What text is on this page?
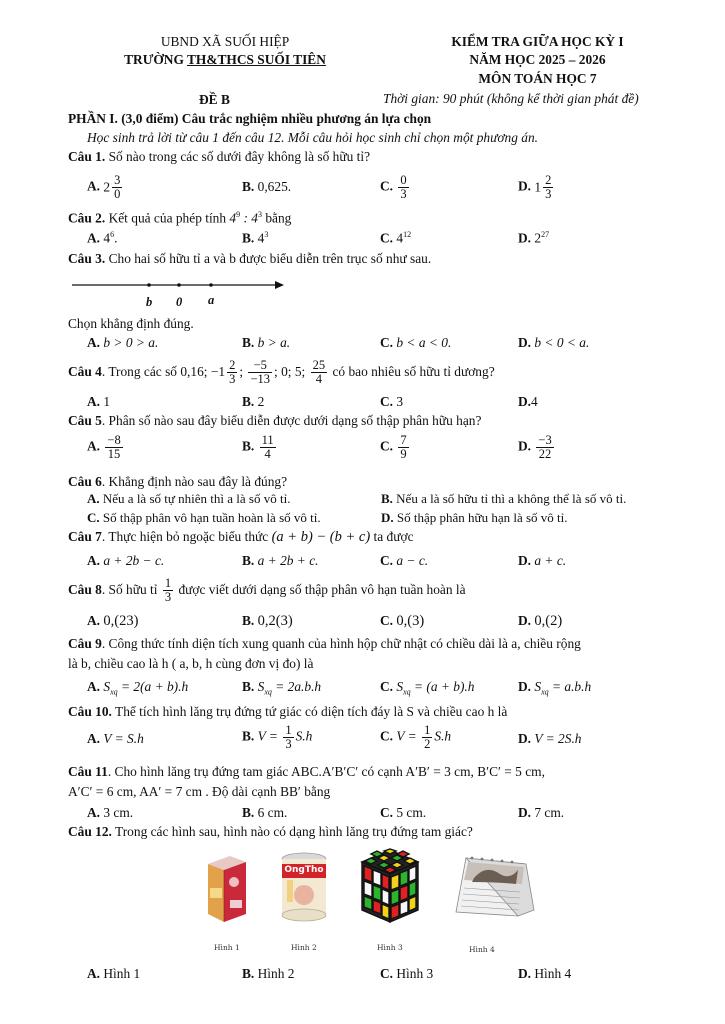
UBND XÃ SUỐI HIỆP
TRƯỜNG TH&THCS SUỐI TIÊN
ĐỀ B
KIỂM TRA GIỮA HỌC KỲ I
NĂM HỌC 2025 – 2026
MÔN TOÁN HỌC 7
Thời gian: 90 phút (không kể thời gian phát đề)
PHẦN I. (3,0 điểm) Câu trắc nghiệm nhiều phương án lựa chọn
Học sinh trả lời từ câu 1 đến câu 12. Mỗi câu hỏi học sinh chỉ chọn một phương án.
Câu 1. Số nào trong các số dưới đây không là số hữu tỉ?
A. $2 \frac{3}{0}$	B. 0,625.	C. $\frac{0}{3}$	D. $1 \frac{2}{3}$
Câu 2. Kết quả của phép tính $4^9$ : $4^3$ bằng
A. $4^6$.	B. $4^3$	C. $4^{12}$	D. $2^{27}$
Câu 3. Cho hai số hữu tỉ a và b được biểu diễn trên trục số như sau.
b 0 a
Chọn khẳng định đúng.
A. b > 0 > a.	B. b > a.	C. b < a < 0.	D. b < 0 < a.
Câu 4. Trong các số 0,16; $-1 \frac{2}{3}$ ; $\frac{-5}{-13}$ ; 0; 5; $\frac{25}{4}$ có bao nhiêu số hữu tỉ dương?
A. 1	B. 2	C. 3	D.4
Câu 5. Phân số nào sau đây biểu diễn được dưới dạng số thập phân hữu hạn?
A. $\frac{-8}{15}$	B. $\frac{11}{4}$	C. $\frac{7}{9}$	D. $\frac{-3}{22}$
Câu 6. Khẳng định nào sau đây là đúng?
A. Nếu a là số tự nhiên thì a là số vô tỉ.	B. Nếu a là số hữu tỉ thì a không thể là số vô tỉ.
C. Số thập phân vô hạn tuần hoàn là số vô tỉ.	D. Số thập phân hữu hạn là số vô tỉ.
Câu 7. Thực hiện bỏ ngoặc biểu thức (a + b) − (b + c) ta được
A. a + 2b − c.	B. a + 2b + c.	C. a − c.	D. a + c.
Câu 8. Số hữu tỉ $\frac{1}{3}$ được viết dưới dạng số thập phân vô hạn tuần hoàn là
A. 0,(23)	B. 0,2(3)	C. 0,(3)	D. 0,(2)
Câu 9. Công thức tính diện tích xung quanh của hình hộp chữ nhật có chiều dài là a, chiều rộng
là b, chiều cao là h ( a, b, h cùng đơn vị đo) là
A. $S_{xq} = 2(a + b).h$	B. $S_{xq} = 2a.b.h$	C. $S_{xq} = (a + b).h$	D. $S_{xq} = a.b.h$
Câu 10. Thể tích hình lăng trụ đứng tứ giác có diện tích đáy là S và chiều cao h là
A. V = S.h	B. $V = \frac{1}{3} S.h$	C. $V = \frac{1}{2} S.h$	D. V = 2S.h
Câu 11. Cho hình lăng trụ đứng tam giác ABC.A′B′C′ có cạnh A′B′ = 3 cm, B′C′ = 5 cm,
A′C′ = 6 cm, AA′ = 7 cm . Độ dài cạnh BB′ bằng
A. 3 cm.	B. 6 cm.	C. 5 cm.	D. 7 cm.
Câu 12. Trong các hình sau, hình nào có dạng hình lăng trụ đứng tam giác?
OngTho
Hình 1	Hình 2	Hình 3	Hình 4
A. Hình 1	B. Hình 2	C. Hình 3	D. Hình 4
